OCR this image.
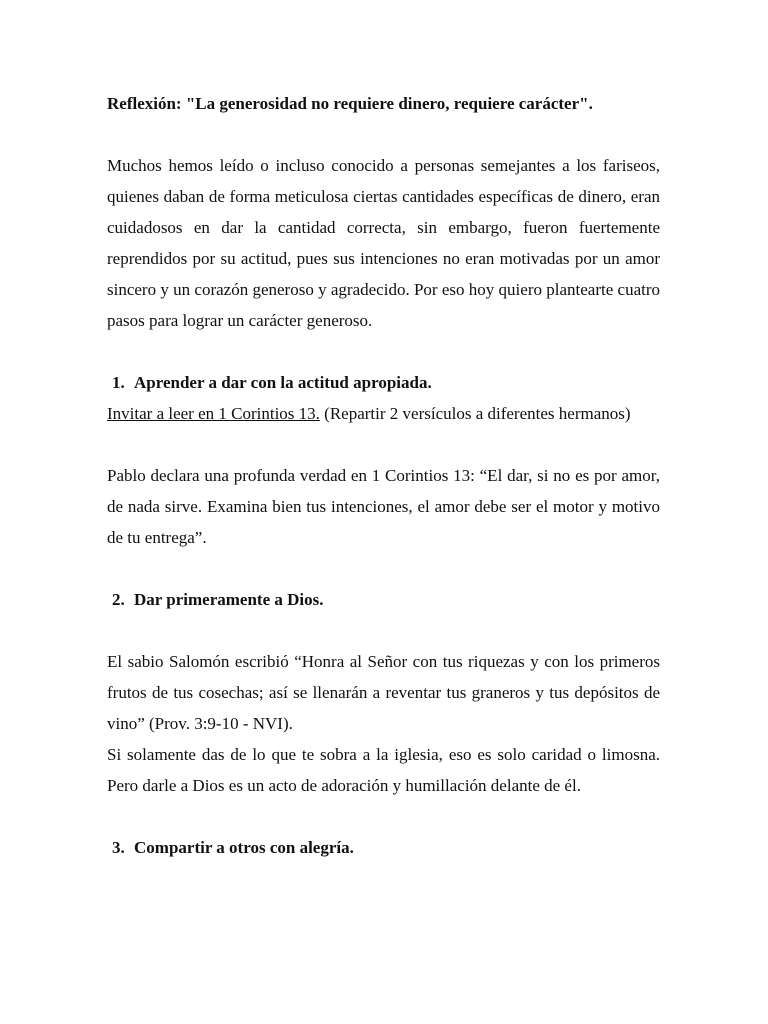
Reflexión: "La generosidad no requiere dinero, requiere carácter".

Muchos hemos leído o incluso conocido a personas semejantes a los fariseos, quienes daban de forma meticulosa ciertas cantidades específicas de dinero, eran cuidadosos en dar la cantidad correcta, sin embargo, fueron fuertemente reprendidos por su actitud, pues sus intenciones no eran motivadas por un amor sincero y un corazón generoso y agradecido. Por eso hoy quiero plantearte cuatro pasos para lograr un carácter generoso.

1. Aprender a dar con la actitud apropiada.

Invitar a leer en 1 Corintios 13. (Repartir 2 versículos a diferentes hermanos)

Pablo declara una profunda verdad en 1 Corintios 13: “El dar, si no es por amor, de nada sirve. Examina bien tus intenciones, el amor debe ser el motor y motivo de tu entrega”.

2. Dar primeramente a Dios.

El sabio Salomón escribió “Honra al Señor con tus riquezas y con los primeros frutos de tus cosechas; así se llenarán a reventar tus graneros y tus depósitos de vino” (Prov. 3:9-10 - NVI).

Si solamente das de lo que te sobra a la iglesia, eso es solo caridad o limosna. Pero darle a Dios es un acto de adoración y humillación delante de él.

3. Compartir a otros con alegría.
